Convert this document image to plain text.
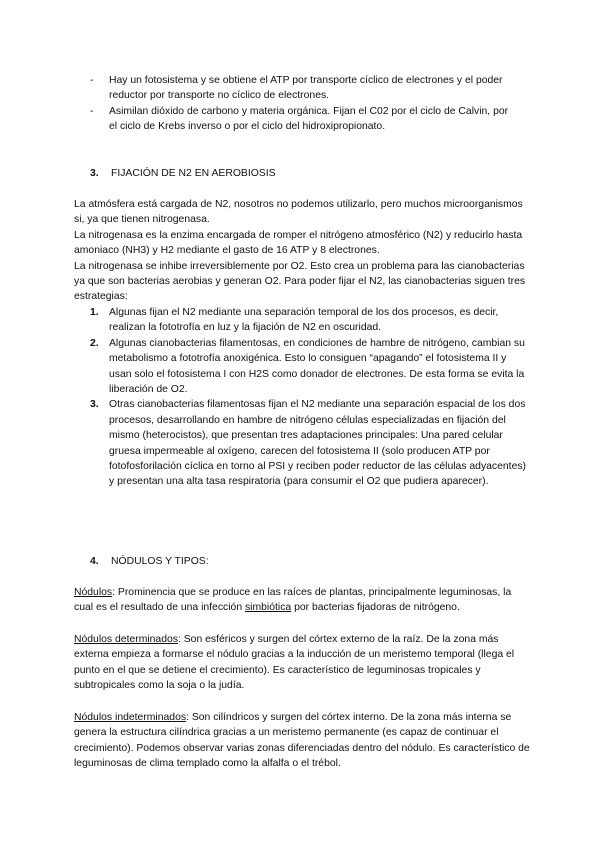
- Hay un fotosistema y se obtiene el ATP por transporte cíclico de electrones y el poder reductor por transporte no cíclico de electrones.
- Asimilan dióxido de carbono y materia orgánica. Fijan el C02 por el ciclo de Calvin, por el ciclo de Krebs inverso o por el ciclo del hidroxipropionato.
3. FIJACIÓN DE N2 EN AEROBIOSIS
La atmósfera está cargada de N2, nosotros no podemos utilizarlo, pero muchos microorganismos si, ya que tienen nitrogenasa.
La nitrogenasa es la enzima encargada de romper el nitrógeno atmosférico (N2) y reducirlo hasta amoniaco (NH3) y H2 mediante el gasto de 16 ATP y 8 electrones.
La nitrogenasa se inhibe irreversiblemente por O2. Esto crea un problema para las cianobacterias ya que son bacterias aerobias y generan O2. Para poder fijar el N2, las cianobacterias siguen tres estrategias:
1. Algunas fijan el N2 mediante una separación temporal de los dos procesos, es decir, realizan la fototrofía en luz y la fijación de N2 en oscuridad.
2. Algunas cianobacterias filamentosas, en condiciones de hambre de nitrógeno, cambian su metabolismo a fototrofía anoxigénica. Esto lo consiguen “apagando” el fotosistema II y usan solo el fotosistema I con H2S como donador de electrones. De esta forma se evita la liberación de O2.
3. Otras cianobacterias filamentosas fijan el N2 mediante una separación espacial de los dos procesos, desarrollando en hambre de nitrógeno células especializadas en fijación del mismo (heterocistos), que presentan tres adaptaciones principales: Una pared celular gruesa impermeable al oxígeno, carecen del fotosistema II (solo producen ATP por fotofosforilación cíclica en torno al PSI y reciben poder reductor de las células adyacentes) y presentan una alta tasa respiratoria (para consumir el O2 que pudiera aparecer).
4. NÓDULOS Y TIPOS:
Nódulos: Prominencia que se produce en las raíces de plantas, principalmente leguminosas, la cual es el resultado de una infección simbiótica por bacterias fijadoras de nitrógeno.
Nódulos determinados: Son esféricos y surgen del córtex externo de la raíz. De la zona más externa empieza a formarse el nódulo gracias a la inducción de un meristemo temporal (llega el punto en el que se detiene el crecimiento). Es característico de leguminosas tropicales y subtropicales como la soja o la judía.
Nódulos indeterminados: Son cilíndricos y surgen del córtex interno. De la zona más interna se genera la estructura cilíndrica gracias a un meristemo permanente (es capaz de continuar el crecimiento). Podemos observar varias zonas diferenciadas dentro del nódulo. Es característico de leguminosas de clima templado como la alfalfa o el trébol.
